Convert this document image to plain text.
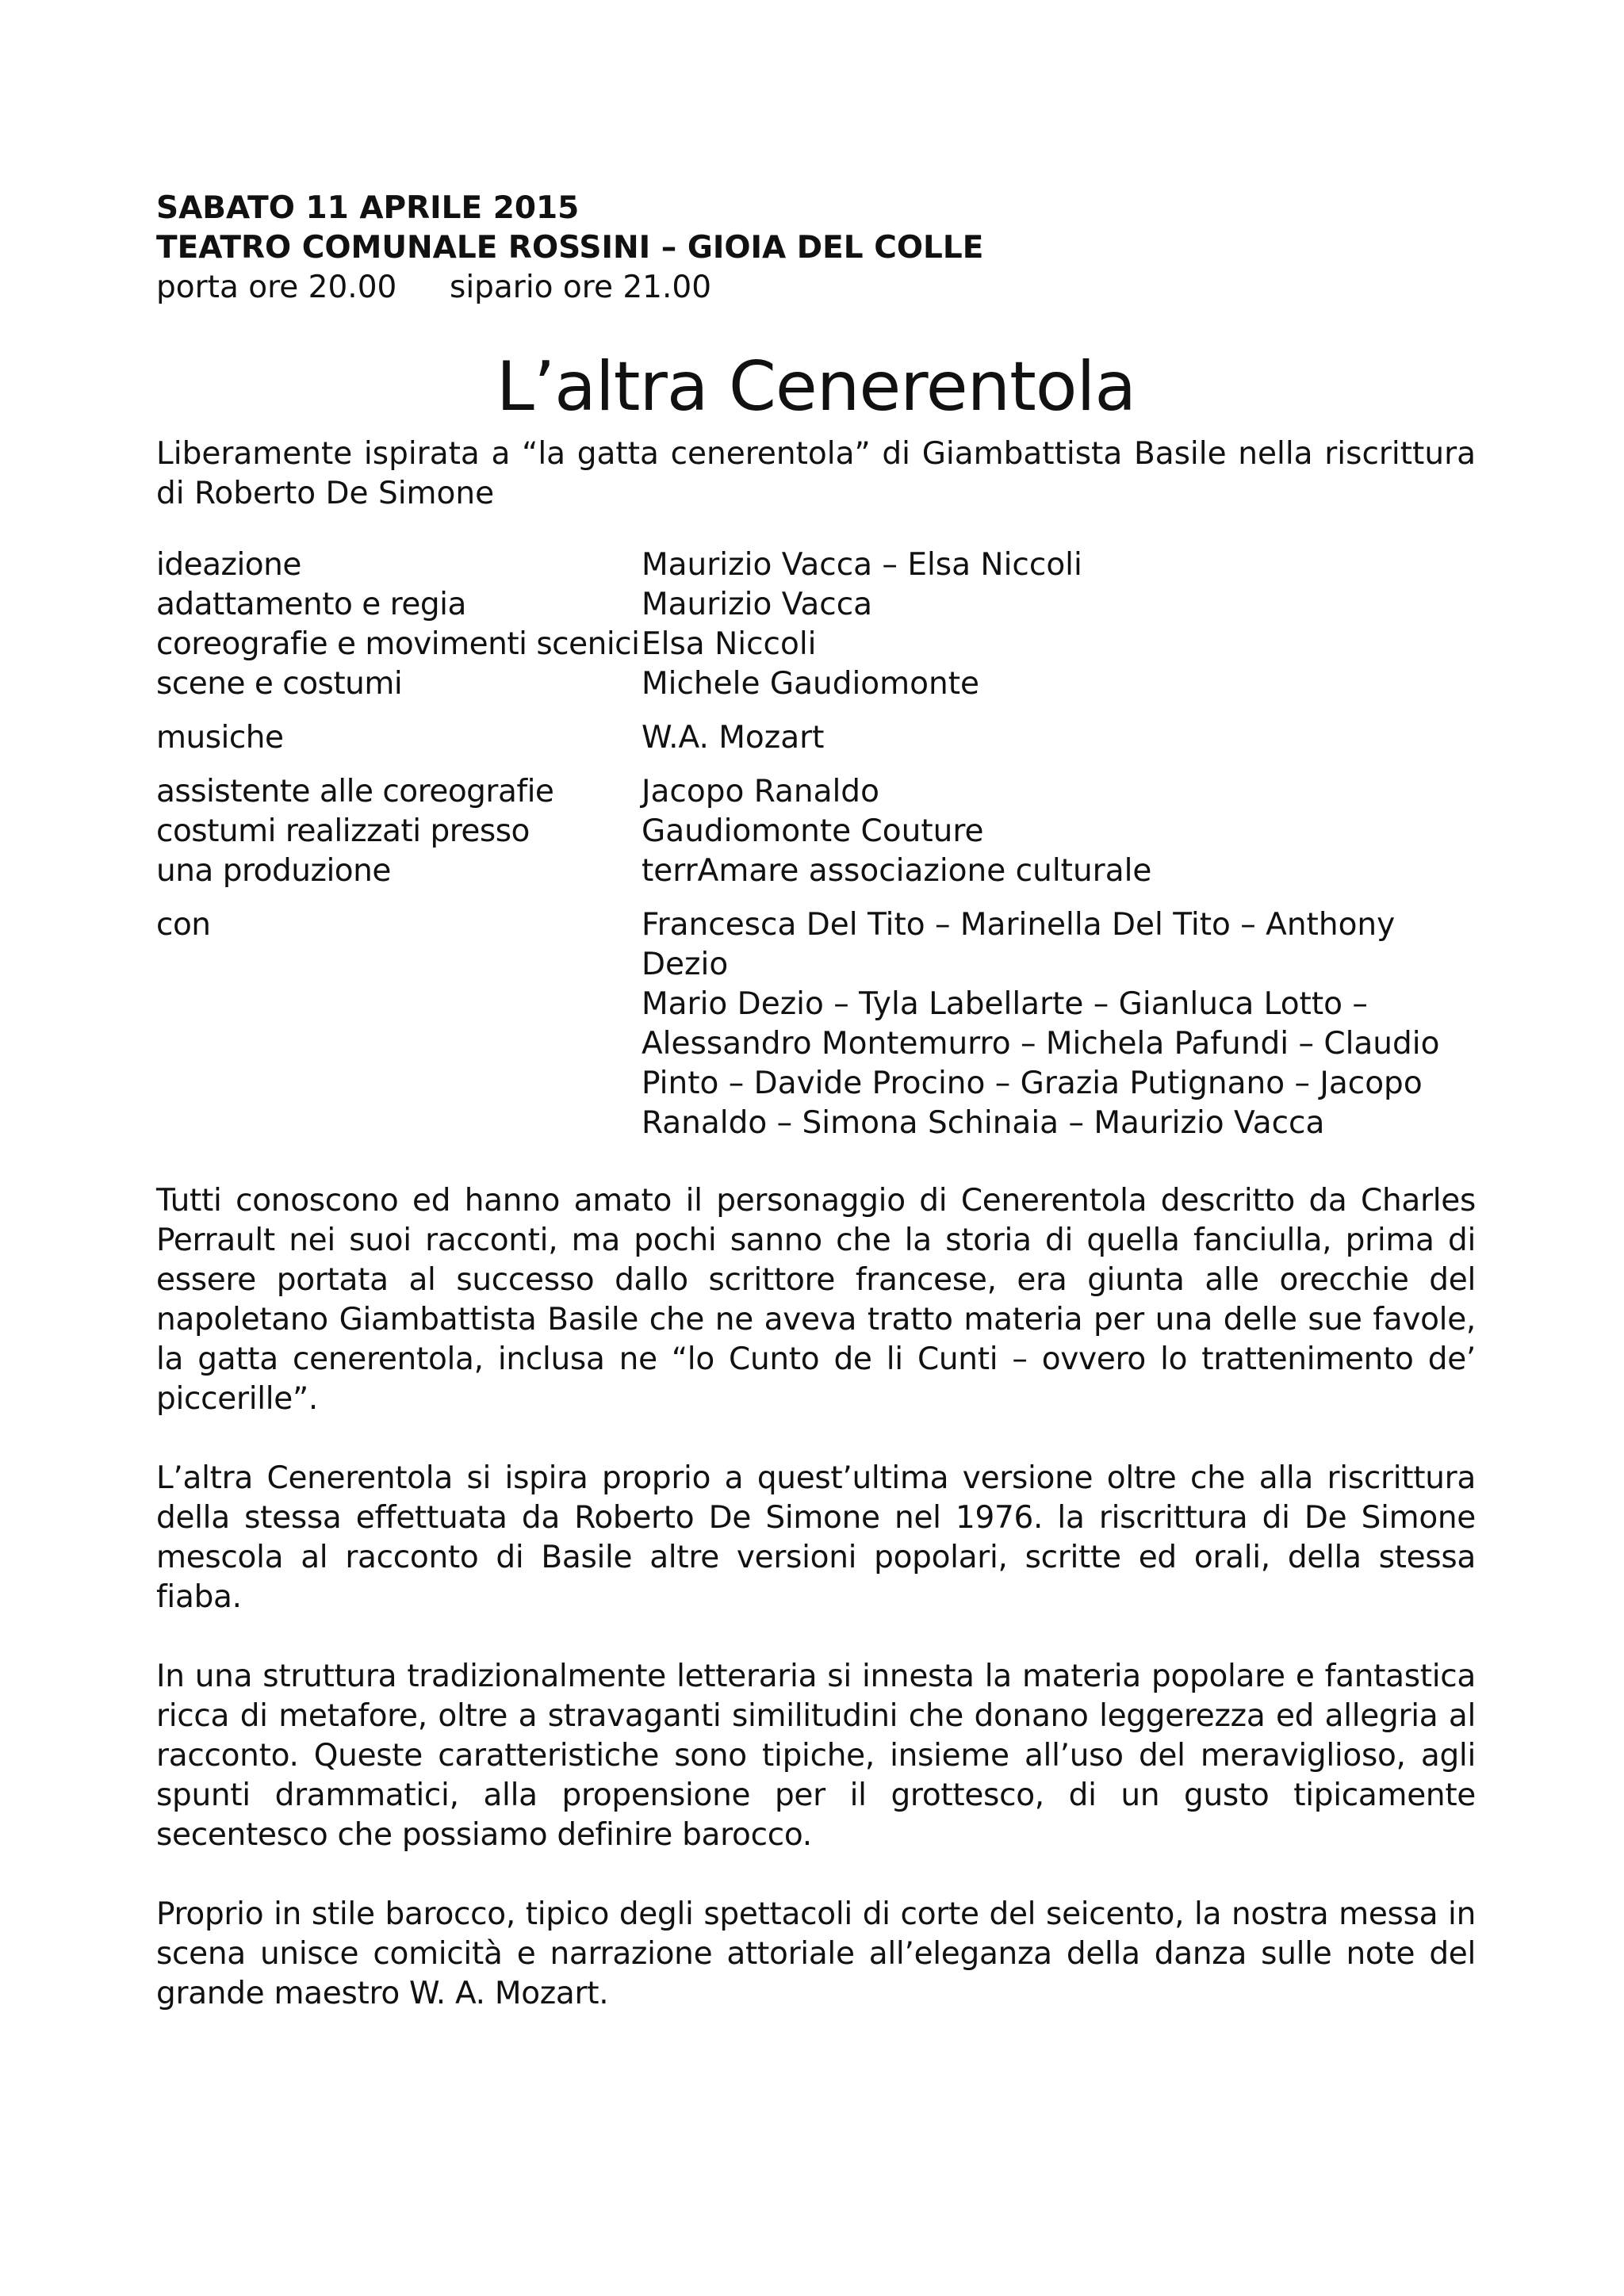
SABATO 11 APRILE 2015

TEATRO COMUNALE ROSSINI – GIOIA DEL COLLE

porta ore 20.00 sipario ore 21.00
L’altra Cenerentola

Liberamente ispirata a “la gatta cenerentola” di Giambattista Basile nella riscrittura di Roberto De Simone

ideazione	Maurizio Vacca – Elsa Niccoli
adattamento e regia	Maurizio Vacca
coreografie e movimenti scenici Elsa Niccoli
scene e costumi	Michele Gaudiomonte
musiche	W.A. Mozart
assistente alle coreografie	Jacopo Ranaldo
costumi realizzati presso	Gaudiomonte Couture
una produzione	terrAmare associazione culturale
con	Francesca Del Tito – Marinella Del Tito – Anthony Dezio
Mario Dezio – Tyla Labellarte – Gianluca Lotto –
Alessandro Montemurro – Michela Pafundi – Claudio
Pinto – Davide Procino – Grazia Putignano – Jacopo
Ranaldo – Simona Schinaia – Maurizio Vacca

Tutti conoscono ed hanno amato il personaggio di Cenerentola descritto da Charles Perrault nei suoi racconti, ma pochi sanno che la storia di quella fanciulla, prima di essere portata al successo dallo scrittore francese, era giunta alle orecchie del napoletano Giambattista Basile che ne aveva tratto materia per una delle sue favole, la gatta cenerentola, inclusa ne “lo Cunto de li Cunti – ovvero lo trattenimento de’ piccerille”.

L’altra Cenerentola si ispira proprio a quest’ultima versione oltre che alla riscrittura della stessa effettuata da Roberto De Simone nel 1976. la riscrittura di De Simone mescola al racconto di Basile altre versioni popolari, scritte ed orali, della stessa fiaba.

In una struttura tradizionalmente letteraria si innesta la materia popolare e fantastica ricca di metafore, oltre a stravaganti similitudini che donano leggerezza ed allegria al racconto. Queste caratteristiche sono tipiche, insieme all’uso del meraviglioso, agli spunti drammatici, alla propensione per il grottesco, di un gusto tipicamente secentesco che possiamo definire barocco.

Proprio in stile barocco, tipico degli spettacoli di corte del seicento, la nostra messa in scena unisce comicità e narrazione attoriale all’eleganza della danza sulle note del grande maestro W. A. Mozart.
